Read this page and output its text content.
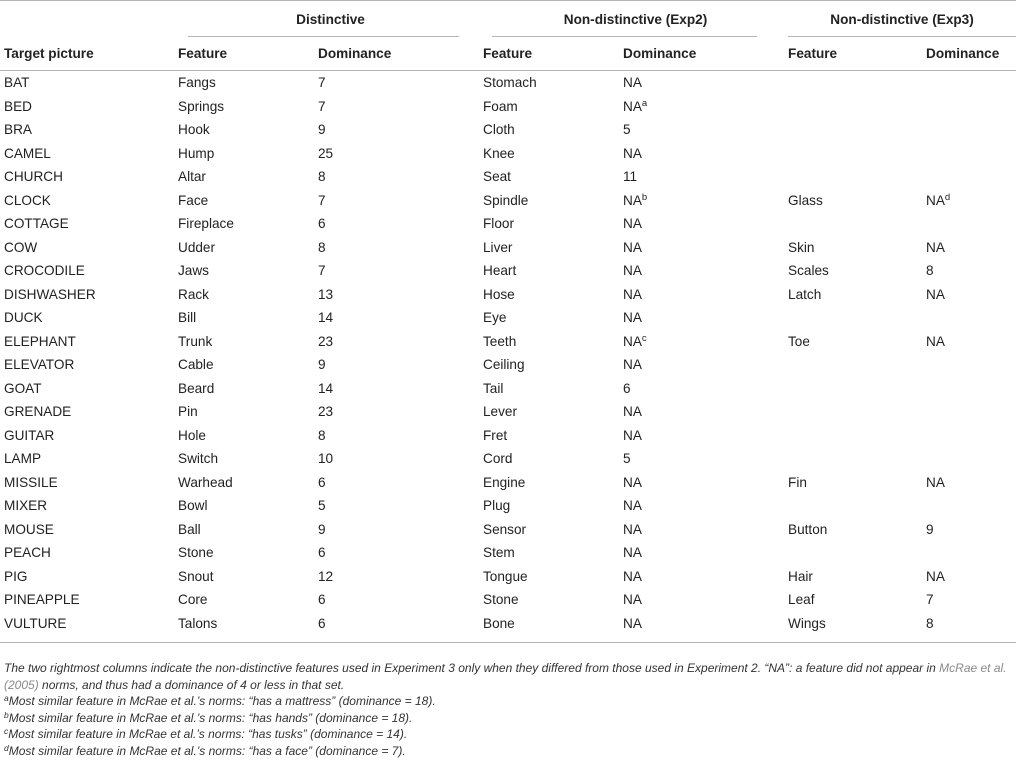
	Distinctive		Non-distinctive (Exp2)		Non-distinctive (Exp3)	
Target picture	Feature	Dominance	Feature	Dominance	Feature	Dominance
BAT	Fangs	7	Stomach	NA		
BED	Springs	7	Foam	$NA^a$		
BRA	Hook	9	Cloth	5		
CAMEL	Hump	25	Knee	NA		
CHURCH	Altar	8	Seat	11		
CLOCK	Face	7	Spindle	$NA^b$	Glass	$NA^d$
COTTAGE	Fireplace	6	Floor	NA		
COW	Udder	8	Liver	NA	Skin	NA
CROCODILE	Jaws	7	Heart	NA	Scales	8
DISHWASHER	Rack	13	Hose	NA	Latch	NA
DUCK	Bill	14	Eye	NA		
ELEPHANT	Trunk	23	Teeth	$NA^c$	Toe	NA
ELEVATOR	Cable	9	Ceiling	NA		
GOAT	Beard	14	Tail	6		
GRENADE	Pin	23	Lever	NA		
GUITAR	Hole	8	Fret	NA		
LAMP	Switch	10	Cord	5		
MISSILE	Warhead	6	Engine	NA	Fin	NA
MIXER	Bowl	5	Plug	NA		
MOUSE	Ball	9	Sensor	NA	Button	9
PEACH	Stone	6	Stem	NA		
PIG	Snout	12	Tongue	NA	Hair	NA
PINEAPPLE	Core	6	Stone	NA	Leaf	7
VULTURE	Talons	6	Bone	NA	Wings	8

The two rightmost columns indicate the non-distinctive features used in Experiment 3 only when they differed from those used in Experiment 2. “NA”: a feature did not appear in McRae et al. (2005) norms, and thus had a dominance of 4 or less in that set.

$^a$Most similar feature in McRae et al.’s norms: “has a mattress” (dominance = 18).

$^b$Most similar feature in McRae et al.’s norms: “has hands” (dominance = 18).

$^c$Most similar feature in McRae et al.’s norms: “has tusks” (dominance = 14).

$^d$Most similar feature in McRae et al.’s norms: “has a face” (dominance = 7).
